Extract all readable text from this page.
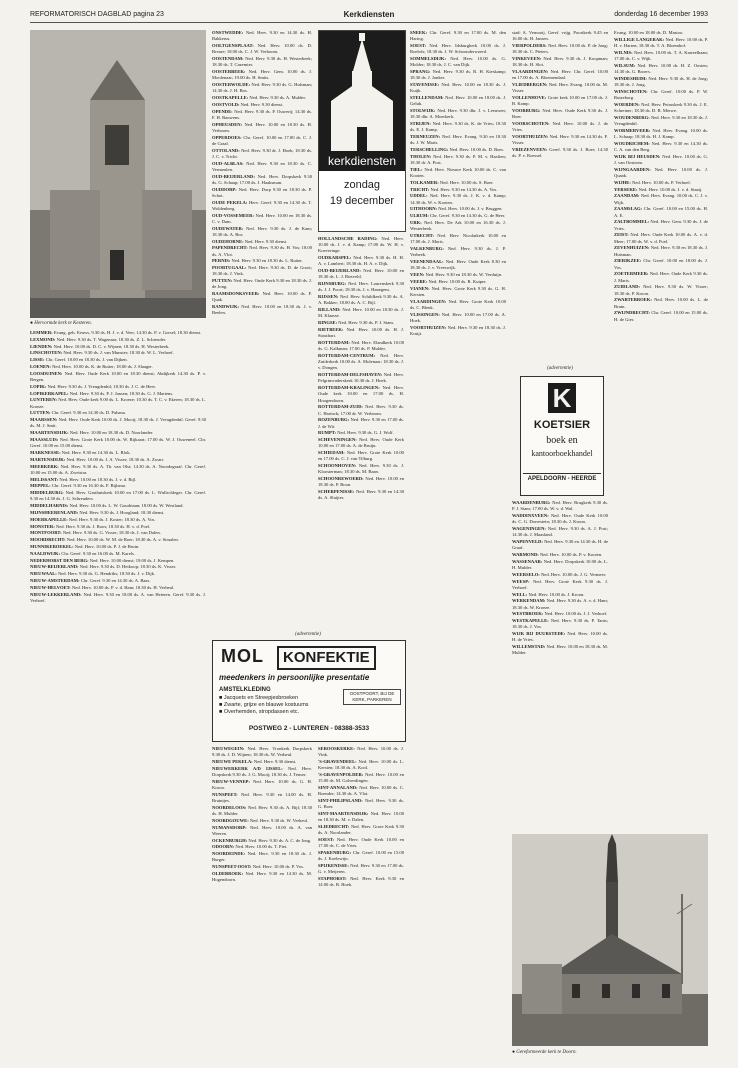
REFORMATORISCH DAGBLAD pagina 23	Kerkdiensten	donderdag 16 december 1993
● Hervormde kerk te Kesteren.

LEMMER: Evang. geb. Eeuws, 9.30 ds. H. J. v. d. Veer; 14.30 ds. P. v. Gorsel; 18.30 dienst.

LEXMOND: Ned. Herv. 9.30 ds. T. Wagenaar; 18.30 ds. Z. L. Schreuder.

LIENDEN: Ned. Herv. 10.00 ds. D. C. v. Wijnen; 18.30 ds. H. Westerbeek.

LINSCHOTEN: Ned. Herv. 9.30 ds. J. van Munster; 18.30 dr. W. L. Verhoef.

LISSE: Chr. Geref. 10.00 en 18.30 ds. J. van Dijken.

LOENEN: Ned. Herv. 10.00 ds. K. de Ruiter; 18.00 ds. J. Slaager.

LOOSDUINEN: Ned. Herv. Oude Kerk 10.00 en 18.30 dienst; Abdijkerk 14.30 ds. P. v. Bergen.

LOPIK: Ned. Herv. 9.30 ds. J. Vreugdenhil; 18.30 ds. J. C. de Heer.

LOPIKERKAPEL: Ned. Herv. 9.30 ds. P. J. Jansen; 18.30 ds. G. J. Martens.

LUNTEREN: Ned. Herv. Oude kerk 9.00 ds. L. Kroeze; 10.30 ds. T. C. v. Ekeren; 18.30 ds. L. Kroeze.

LUTTEN: Chr. Geref. 9.30 en 14.30 ds. D. Palsma.

MAARSSEN: Ned. Herv. Oude Kerk 10.00 ds. J. Mooij; 18.30 ds. J. Vreugdenhil. Geref. 9.30 ds. M. J. Smit.

MAARTENSDIJK: Ned. Herv. 10.00 en 18.30 ds. D. Noorlander.

MAASSLUIS: Ned. Herv. Grote Kerk 10.00 ds. W. Rijkaart; 17.00 ds. W. J. Ouweneel. Chr. Geref. 10.00 en 15.00 dienst.

MARKNESSE: Ned. Herv. 9.30 en 14.30 ds. L. Blok.

MARTENSDIJK: Ned. Herv. 10.00 ds. J. A. Visser; 18.30 ds. A. Zwart.

MEERKERK: Ned. Herv. 9.30 ds. A. Th. van Olst; 14.30 ds. A. Noordegraaf. Chr. Geref. 10.00 en 15.00 ds. A. Zweistra.

MELISSANT: Ned. Herv. 10.00 en 18.30 ds. J. v. d. Bijl.

MEPPEL: Chr. Geref. 9.30 en 16.30 ds. F. Bijlsma.

MIDDELBURG: Ned. Herv. Gasthuiskerk 10.00 en 17.00 ds. L. Wullschleger. Chr. Geref. 9.30 en 14.30 ds. J. G. Schreuders.

MIDDELHARNIS: Ned. Herv. 10.00 ds. L. W. Goudriaan; 18.00 ds. W. Westland.

MIJNSHEERENLAND: Ned. Herv. 9.30 ds. J. Hoogland; 18.30 dienst.

MOERKAPELLE: Ned. Herv. 9.30 ds. J. Koster; 18.30 ds. A. Vos.

MONSTER: Ned. Herv. 9.30 ds. J. Roos; 18.30 ds. H. v. d. Poel.

MONTFOORT: Ned. Herv. 9.30 ds. G. Visser; 18.30 ds. J. van Dalen.

MOORDRECHT: Ned. Herv. 10.00 ds. W. M. de Boer; 18.30 ds. A. v. Straalen.

MUNNIKEBOEKEL: Ned. Herv. 10.00 ds. P. J. de Bruin.

NAALDWIJK: Chr. Geref. 9.30 en 16.00 ds. M. Karels.

NEDERHORST DEN BERG: Ned. Herv. 10.00 dienst; 19.00 ds. J. Kempen.

NIEUW-BEIJERLAND: Ned. Herv. 9.30 ds. D. Heikoop; 18.30 ds. K. Visser.

NIEUWAAL: Ned. Herv. 9.30 ds. G. Hendriks; 18.30 ds. J. v. Dijk.

NIEUW-AMSTERDAM: Chr. Geref. 9.30 en 14.30 ds. A. Baas.

NIEUW-HELVOET: Ned. Herv. 10.00 ds. P. v. d. Ham; 18.30 ds. H. Verheul.

NIEUW-LEKKERLAND: Ned. Herv. 9.30 en 18.00 ds. A. van Heteren. Geref. 9.30 ds. J. Verhoef.

ONSTWEDDE: Ned. Herv. 9.30 en 14.30 ds. H. Bakkerus.

OOLTGENSPLAAT: Ned. Herv. 10.00 ds. D. Breure; 18.00 ds. C. J. W. Verboom.

OOSTENDAM: Ned. Herv. 9.30 ds. H. Westerbeek; 18.30 ds. T. Cazemier.

OOSTERBEEK: Ned. Herv. Gem. 10.00 ds. J. Moolenaar; 19.00 ds. H. Smits.

OOSTERWOLDE: Ned. Herv. 9.30 ds. G. Hulsman; 14.30 ds. J. H. Bos.

OOSTKAPELLE: Ned. Herv. 9.30 ds. A. Mulder.

OOSTVOLD: Ned. Herv. 9.30 dienst.

OPENDE: Ned. Herv. 9.30 ds. P. Ouwerij; 14.30 ds. F. H. Bauwens.

OPHEUSDEN: Ned. Herv. 10.00 en 18.30 ds. H. Verboom.

OPPERDOES: Chr. Geref. 10.00 en 17.00 ds. C. J. de Graaf.

OTTOLAND: Ned. Herv. 9.30 dr. J. Hoek; 18.30 ds. J. C. v. Tricht.

OUD-ALBLAS: Ned. Herv. 9.30 en 18.30 ds. C. Vermeulen.

OUD-BEIJERLAND: Ned. Herv. Dorpskerk 9.30 ds. G. Schaap; 17.00 ds. J. Haaksman.

OUDDORP: Ned. Herv. Dorp 9.30 en 18.30 ds. P. Schot.

OUDE PEKELA: Herv. Geref. 9.30 en 14.30 ds. T. Woldenberg.

OUD-VOSSEMEER: Ned. Herv. 10.00 en 18.30 ds. C. v. Dam.

OUDEWATER: Ned. Herv. 9.30 ds. J. de Kam; 18.30 ds. A. Bos.

OUDEHORNE: Ned. Herv. 9.30 dienst.

PAPENDRECHT: Ned. Herv. 9.30 ds. H. Vos; 18.00 ds. A. Vlot.

PERNIS: Ned. Herv. 9.30 en 18.30 ds. L. Ruiter.

POORTUGAAL: Ned. Herv. 9.30 ds. D. de Groot; 18.30 ds. J. Vink.

PUTTEN: Ned. Herv. Oude Kerk 9.30 en 18.30 ds. J. de Jong.

RAAMSDONKSVEER: Ned. Herv. 10.00 ds. F. Quak.

RANDWIJK: Ned. Herv. 10.00 en 18.30 ds. J. v. Beelen.

NIEUWEGEIN: Ned. Herv. Vronkerk Dorpskerk 9.30 ds. J. D. Wijnen; 18.30 ds. W. Verheul.

NIEUWE PEKELA: Ned. Herv. 9.30 dienst.

NIEUWERKERK A/D IJSSEL: Ned. Herv. Dorpskerk 9.30 ds. J. G. Mooij; 18.30 ds. J. Tenser.

NIEUW-VENNEP: Ned. Herv. 10.00 ds. G. H. Kroon.

NUNSPEET: Ned. Herv. 9.30 en 14.00 ds. H. Bruintjes.

NOORDELOOS: Ned. Herv. 9.30 ds. A. Bijl; 18.30 ds. H. Mulder.

NOORDGOUWE: Ned. Herv. 9.30 ds. W. Verheul.

NUMANSDORP: Ned. Herv. 10.00 ds. A. van Weeren.

OCKENBURGH: Ned. Herv. 9.30 ds. A. C. de Jong.

ODOORN: Ned. Herv. 10.00 ds. T. Piet.

NOORDEINDE: Ned. Herv. 9.30 en 18.30 ds. J. Burger.

NUNSPEET-OOST: Ned. Herv. 10.00 ds. P. Vos.

OLDEBROEK: Ned. Herv. 9.30 en 14.30 ds. M. Hogendoorn.

kerkdiensten
zondag
19 december

HOLLANDSCHE RADING: Ned. Herv. 10.00 ds. J. v. d. Kamp; 17.00 ds. W. H. v. Koeveringe.

OUDKARSPEL: Ned. Herv. 9.30 ds. H. H. A. v. Lambert; 18.30 ds. H. A. v. Dijk.

OUD-BEIJERLAND: Ned. Herv. 10.00 en 18.30 ds. L. J. Rietveld.

RIJNSBURG: Ned. Herv. Laurenskerk 9.30 ds. J. J. Poort; 18.30 ds. J. v. Hanegem.

RIJSSEN: Ned. Herv. Schildkerk 9.30 ds. A. A. Bakker; 18.00 ds. A. C. Bijl.

RILLAND: Ned. Herv. 10.00 en 18.30 ds. J. M. Klaasse.

RINGSE: Ned. Herv. 9.30 ds. P. J. Stam.

RIETBEEK: Ned. Herv. 10.00 ds. H. J. Stouthart.

ROTTERDAM: Ned. Herv. Elandkerk 10.00 ds. G. Kalkman; 17.00 ds. P. Mulder.

ROTTERDAM-CENTRUM: Ned. Herv. Zuiderkerk 10.00 ds. A. Molenaar; 18.30 ds. J. v. Dongen.

ROTTERDAM-DELFSHAVEN: Ned. Herv. Pelgrimvaderskerk 10.30 ds. J. Hoek.

ROTTERDAM-KRALINGEN: Ned. Herv. Oude kerk 10.00 en 17.00 ds. H. Hoogendoorn.

ROTTERDAM-ZUID: Ned. Herv. 9.30 ds. C. Harinck; 17.00 dr. W. Verboom.

ROZENBURG: Ned. Herv. 9.30 en 17.00 ds. J. de Wit.

RUMPT: Ned. Herv. 9.30 ds. G. J. Wolf.

SCHEVENINGEN: Ned. Herv. Oude Kerk 10.00 en 17.00 ds. A. de Bruijn.

SCHIEDAM: Ned. Herv. Grote Kerk 10.00 en 17.00 ds. C. J. van Tilburg.

SCHOONHOVEN: Ned. Herv. 9.30 ds. J. Kloosterman; 18.30 ds. M. Baan.

SCHOONREWOERD: Ned. Herv. 10.00 en 18.30 ds. P. Boon.

SCHERPENISSE: Ned. Herv. 9.30 en 14.30 ds. A. Sluijter.

SEROOSKERKE: Ned. Herv. 10.00 ds. J. Vink.

'S-GRAVENDEEL: Ned. Herv. 10.00 ds. L. Kersten; 18.30 ds. A. Kool.

'S-GRAVENPOLDER: Ned. Herv. 10.00 en 15.00 ds. M. Golverdingen.

SINT-ANNALAND: Ned. Herv. 10.00 ds. C. Boender; 14.30 ds. A. Vlot.

SINT-PHILIPSLAND: Ned. Herv. 9.30 ds. G. Boer.

SINT-MAARTENSDIJK: Ned. Herv. 10.00 en 18.30 ds. M. v. Dalen.

SLIEDRECHT: Ned. Herv. Grote Kerk 9.30 ds. A. Noorlander.

SOEST: Ned. Herv. Oude Kerk 10.00 en 17.00 ds. C. de Vries.

SPAKENBURG: Chr. Geref. 10.00 en 15.00 ds. J. Koelewijn.

SPIJKENISSE: Ned. Herv. 9.30 en 17.00 ds. G. v. Meijeren.

STAPHORST: Ned. Herv. Kerk 9.30 en 14.00 ds. B. Hoek.

(advertentie)
MOL	KONFEKTIE
meedenkers in persoonlijke presentatie
AMSTELKLEDING
■ Jacquets en Streepjesbroeken
■ Zwarte, grijze en blauwe kostuums
■ Overhemden, stropdassen etc.
OOSTPOORT, BIJ DE KERK, PARKEREN
POSTWEG 2 - LUNTEREN - 08388-3533

SNEEK: Chr. Geref. 9.30 en 17.00 ds. M. den Hartog.

SOEST: Ned. Herv. Idsburgkerk 10.00 ds. J. Roelofs; 18.30 ds. J. W. Schoonderwoerd.

SOMMELSDIJK: Ned. Herv. 10.00 ds. G. Molder; 18.30 ds. J. C. van Dijk.

SPRANG: Ned. Herv. 9.30 ds. R. H. Kieskamp; 18.30 ds. J. Jonker.

STAVENISSE: Ned. Herv. 10.00 en 18.30 ds. J. Kuijk.

STELLENDAM: Ned. Herv. 10.00 en 18.00 ds. J. Geluk.

STOLWIJK: Ned. Herv. 9.30 dhr. J. v. Leeuwen; 18.30 dhr. A. Moerkerk.

STRIJEN: Ned. Herv. 9.30 ds. K. de Vries; 18.30 ds. E. J. Kamp.

TERNEUZEN: Ned. Herv. Evang. 9.30 en 18.30 ds. J. W. Maris.

TERSCHELLING: Ned. Herv. 10.00 ds. D. Boer.

THOLEN: Ned. Herv. 9.30 ds. P. M. v. Haaften; 18.30 dr. A. Post.

TIEL: Ned. Herv. Nieuwe Kerk 10.00 ds. C. van Kooten.

TOLKAMER: Ned. Herv. 10.00 ds. S. Boer.

TRICHT: Ned. Herv. 9.30 en 14.30 ds. A. Vos.

UDDEL: Ned. Herv. 9.30 ds. J. K. v. d. Kamp; 14.30 ds. W. v. Kooten.

UITHOORN: Ned. Herv. 10.00 ds. J. v. Bruggen.

ULRUM: Chr. Geref. 9.30 en 14.30 ds. G. de Heer.

URK: Ned. Herv. De Ark 10.00 en 16.30 ds. J. Westerbeek.

UTRECHT: Ned. Herv. Nicolaikerk 10.00 en 17.00 ds. J. Maris.

VALKENBURG: Ned. Herv. 9.30 ds. J. P. Verbeek.

VEENENDAAL: Ned. Herv. Oude Kerk 8.30 en 18.30 ds. J. v. Vreeswijk.

VEEN: Ned. Herv. 9.30 en 18.30 ds. W. Verduijn.

VEERE: Ned. Herv. 10.00 ds. R. Kuiper.

VIANEN: Ned. Herv. Grote Kerk 9.30 ds. G. H. Kersten.

VLAARDINGEN: Ned. Herv. Grote Kerk 10.00 ds. C. Blenk.

VLISSINGEN: Ned. Herv. 10.00 en 17.00 ds. A. Hoek.

VOORTHUIZEN: Ned. Herv. 9.30 en 18.30 ds. J. Kruijt.

stad: A. Vernooij. Geref. vrijg. Poortkerk 9.45 en 16.00 ds. H. Jansen.

VIERPOLDERS: Ned. Herv. 10.00 ds. P. de Jong; 18.30 ds. C. Pieters.

VINKEVEEN: Ned. Herv. 9.30 ds. J. Koopman; 18.30 ds. H. Slot.

VLAARDINGEN: Ned. Herv. Chr. Geref. 10.00 en 17.00 ds. A. Bloemendaal.

VLIEDBERGEN: Ned. Herv. Evang. 10.00 ds. M. Visser.

VOLLENHOVE: Grote kerk 10.00 en 17.00 ds. J. B. Kamp.

VOORBURG: Ned. Herv. Oude Kerk 9.30 ds. J. Boer.

VOORSCHOTEN: Ned. Herv. 10.00 ds. J. de Vries.

VOORTHUIZEN: Ned. Herv. 9.30 en 14.30 ds. F. Visser.

VRIEZENVEEN: Geref. 9.30 ds. J. Boer; 14.30 ds. P. v. Roessel.

(advertentie)
K
KOETSIER
boek en
kantoorboekhandel
APELDOORN - HEERDE

WAARDENBURG: Ned. Herv. Brugkerk 9.30 ds. P. J. Stam; 17.00 ds. W. v. d. Wal.

WADDINXVEEN: Ned. Herv. Oude Kerk 10.00 ds. C. G. Dorrestein; 18.30 ds. J. Kroon.

WAGENINGEN: Ned. Herv. 9.30 ds. A. J. Post; 14.30 ds. J. Maasland.

WAPENVELD: Ned. Herv. 9.30 en 14.30 ds. H. de Graaf.

WARMOND: Ned. Herv. 10.00 ds. P. v. Kooten.

WASSENAAR: Ned. Herv. Dorpskerk 10.00 ds. L. H. Mulder.

WEERSELO: Ned. Herv. 10.00 ds. J. G. Vermeer.

WEESP: Ned. Herv. Grote Kerk 9.30 ds. J. Verhoef.

WELL: Ned. Herv. 10.00 ds. J. Kroon.

WERKENDAM: Ned. Herv. 9.30 ds. A. v. d. Ham; 18.30 ds. W. Kroeze.

WESTBROEK: Ned. Herv. 10.00 ds. J. J. Verhoef.

WESTKAPELLE: Ned. Herv. 9.30 ds. P. Tanis; 18.30 ds. J. Vos.

WIJK BIJ DUURSTEDE: Ned. Herv. 10.00 ds. H. de Vries.

WILLEMSTAD: Ned. Herv. 10.00 en 18.30 ds. M. Mulder.

Evang. 10.00 en 18.00 ds. D. Mastoo.

WILLIGE LANGERAK: Ned. Herv. 10.00 ds. P. H. v. Harten; 18.30 ds. T. A. Bloemhof.

WILNIS: Ned. Herv. 10.00 ds. T. A. Kasteelhaan; 17.00 ds. C. v. Wijk.

WILSUM: Ned. Herv. 10.00 ds. H. Z. Oosten; 14.30 ds. G. Broers.

WINDESHEIM: Ned. Herv. 9.30 ds. H. de Jong; 18.30 ds. J. Jong.

WINSCHOTEN: Chr. Geref. 10.00 ds. P. W. Ruizeborg.

WOERDEN: Ned. Herv. Petruskerk 9.30 ds. J. E. Schreiner; 18.30 ds. D. B. Merwe.

WOUDENBERG: Ned. Herv. 9.30 en 18.30 ds. J. Vreugdenhil.

WORMERVEER: Ned. Herv. Evang. 10.00 ds. L. Schaap; 18.30 ds. H. J. Kamp.

WOUDRICHEM: Ned. Herv. 9.30 en 14.30 ds. C. A. van den Berg.

WIJK BIJ HEUSDEN: Ned. Herv. 10.00 ds. G. J. van Oostrom.

WIJNGAARDEN: Ned. Herv. 10.00 ds. J. Quaak.

WIJHE: Ned. Herv. 10.00 ds. P. Verhoef.

YERSEKE: Ned. Herv. 10.00 ds. J. v. d. Staaij.

ZAANDAM: Ned. Herv. Evang. 10.00 ds. C. J. v. Wijk.

ZAAMSLAG: Chr. Geref. 10.00 en 15.00 ds. H. A. E.

ZALTBOMMEL: Ned. Herv. Gem. 9.30 ds. J. de Vries.

ZEIST: Ned. Herv. Oude Kerk 10.00 ds. A. v. d. Meer; 17.00 ds. W. v. d. Poel.

ZEVENHUIZEN: Ned. Herv. 9.30 en 18.30 ds. J. Huisman.

ZIERIKZEE: Chr. Geref. 10.00 en 18.00 ds. J. Vos.

ZOETERMEER: Ned. Herv. Oude Kerk 9.30 ds. J. Maris.

ZUIDLAND: Ned. Herv. 9.30 ds. W. Visser; 18.30 ds. P. Kroon.

ZWARTEBROEK: Ned. Herv. 10.00 ds. L. de Bruin.

ZWIJNDRECHT: Chr. Geref. 10.00 en 15.00 ds. H. de Gier.

● Gereformeerde kerk te Doorn.
